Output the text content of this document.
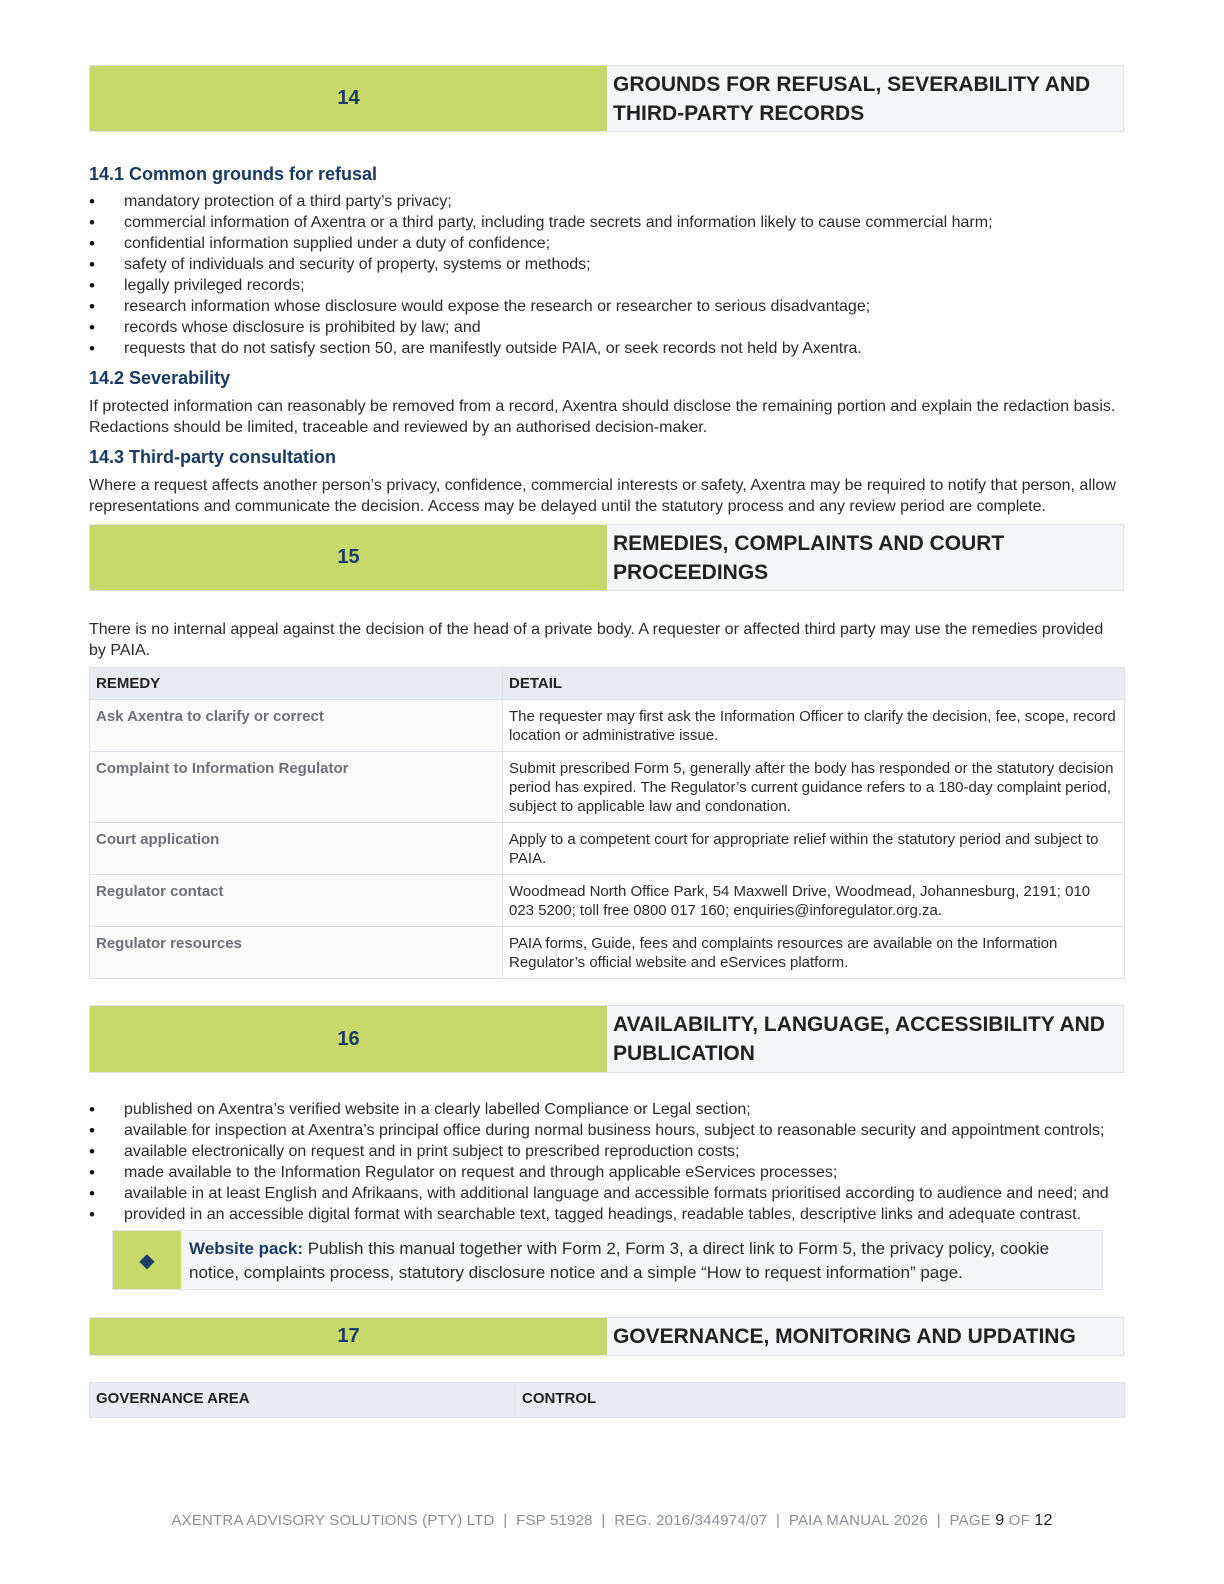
14
GROUNDS FOR REFUSAL, SEVERABILITY AND THIRD-PARTY RECORDS
14.1 Common grounds for refusal
• mandatory protection of a third party’s privacy;
• commercial information of Axentra or a third party, including trade secrets and information likely to cause commercial harm;
• confidential information supplied under a duty of confidence;
• safety of individuals and security of property, systems or methods;
• legally privileged records;
• research information whose disclosure would expose the research or researcher to serious disadvantage;
• records whose disclosure is prohibited by law; and
• requests that do not satisfy section 50, are manifestly outside PAIA, or seek records not held by Axentra.
14.2 Severability

If protected information can reasonably be removed from a record, Axentra should disclose the remaining portion and explain the redaction basis. Redactions should be limited, traceable and reviewed by an authorised decision-maker.

14.3 Third-party consultation

Where a request affects another person’s privacy, confidence, commercial interests or safety, Axentra may be required to notify that person, allow representations and communicate the decision. Access may be delayed until the statutory process and any review period are complete.

15
REMEDIES, COMPLAINTS AND COURT PROCEEDINGS

There is no internal appeal against the decision of the head of a private body. A requester or affected third party may use the remedies provided by PAIA.

REMEDY	DETAIL
Ask Axentra to clarify or correct	The requester may first ask the Information Officer to clarify the decision, fee, scope, record location or administrative issue.
Complaint to Information Regulator	Submit prescribed Form 5, generally after the body has responded or the statutory decision period has expired. The Regulator’s current guidance refers to a 180-day complaint period, subject to applicable law and condonation.
Court application	Apply to a competent court for appropriate relief within the statutory period and subject to PAIA.
Regulator contact	Woodmead North Office Park, 54 Maxwell Drive, Woodmead, Johannesburg, 2191; 010 023 5200; toll free 0800 017 160; enquiries@inforegulator.org.za.
Regulator resources	PAIA forms, Guide, fees and complaints resources are available on the Information Regulator’s official website and eServices platform.
16
AVAILABILITY, LANGUAGE, ACCESSIBILITY AND PUBLICATION
• published on Axentra’s verified website in a clearly labelled Compliance or Legal section;
• available for inspection at Axentra’s principal office during normal business hours, subject to reasonable security and appointment controls;
• available electronically on request and in print subject to prescribed reproduction costs;
• made available to the Information Regulator on request and through applicable eServices processes;
• available in at least English and Afrikaans, with additional language and accessible formats prioritised according to audience and need; and
• provided in an accessible digital format with searchable text, tagged headings, readable tables, descriptive links and adequate contrast.
◆
Website pack: Publish this manual together with Form 2, Form 3, a direct link to Form 5, the privacy policy, cookie notice, complaints process, statutory disclosure notice and a simple “How to request information” page.
17	GOVERNANCE, MONITORING AND UPDATING
GOVERNANCE AREA	CONTROL
AXENTRA ADVISORY SOLUTIONS (PTY) LTD  |  FSP 51928  |  REG. 2016/344974/07  |  PAIA MANUAL 2026  |  PAGE 9 OF 12
